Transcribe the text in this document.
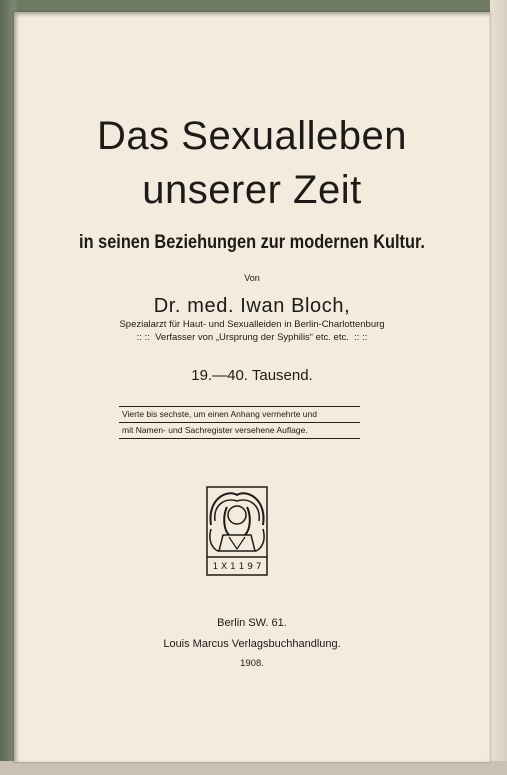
Das Sexualleben
unserer Zeit
in seinen Beziehungen zur modernen Kultur.
Von
Dr. med. Iwan Bloch,
Spezialarzt für Haut- und Sexualleiden in Berlin-Charlottenburg
:: ::  Verfasser von „Ursprung der Syphilis“ etc. etc.  :: ::
19.—40. Tausend.
Vierte bis sechste, um einen Anhang vermehrte und
mit Namen- und Sachregister versehene Auflage.
1 X 1 1 9 7
Berlin SW. 61.
Louis Marcus Verlagsbuchhandlung.
1908.
